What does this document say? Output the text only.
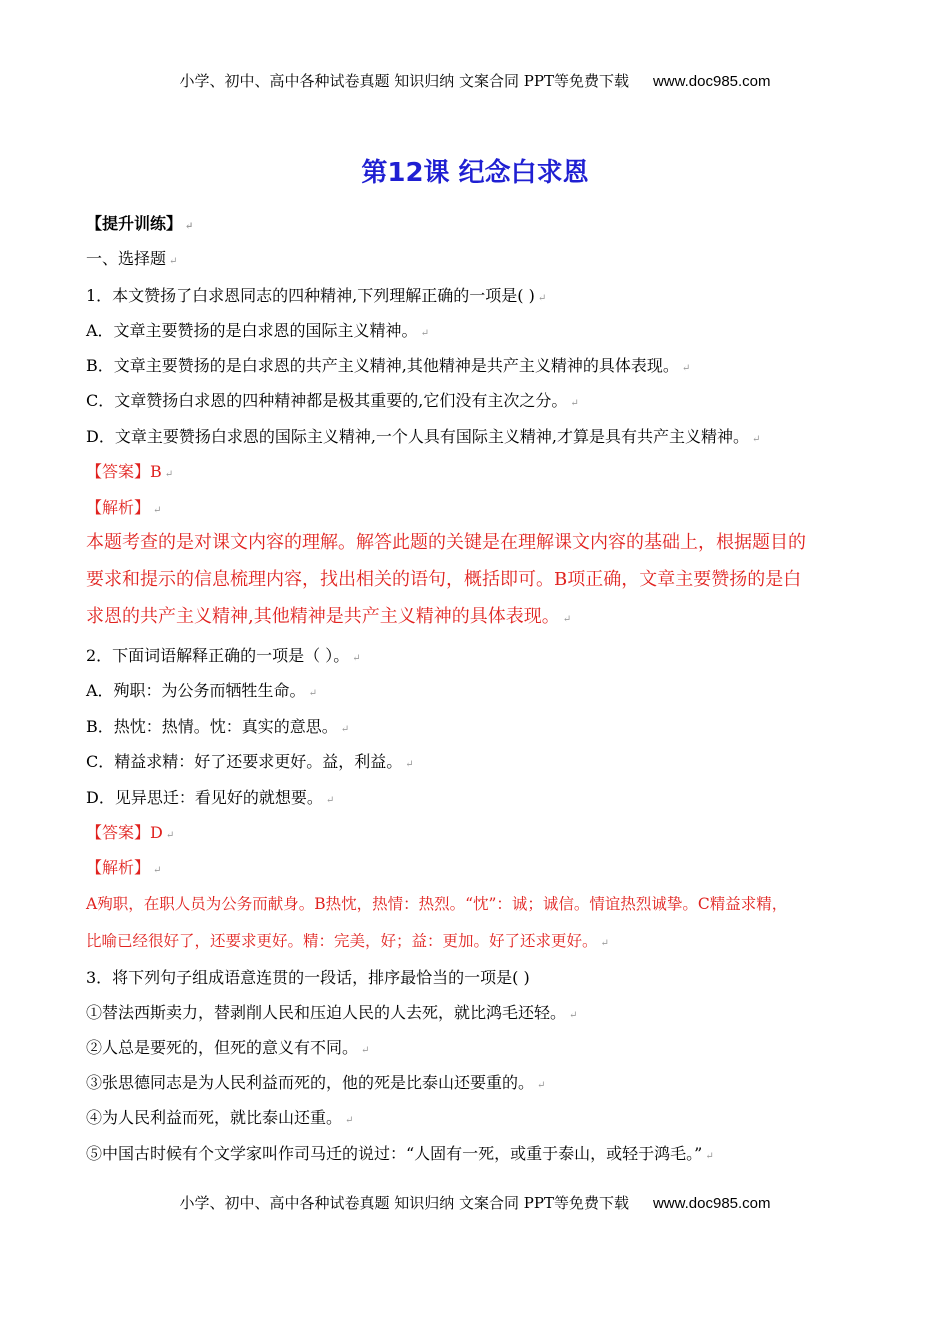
小学、初中、高中各种试卷真题 知识归纳 文案合同 PPT等免费下载 www.doc985.com
第12课 纪念白求恩
【提升训练】 ↵
一、选择题 ↵
1．本文赞扬了白求恩同志的四种精神,下列理解正确的一项是( ) ↵
A．文章主要赞扬的是白求恩的国际主义精神。 ↵
B．文章主要赞扬的是白求恩的共产主义精神,其他精神是共产主义精神的具体表现。 ↵
C．文章赞扬白求恩的四种精神都是极其重要的,它们没有主次之分。 ↵
D．文章主要赞扬白求恩的国际主义精神,一个人具有国际主义精神,才算是具有共产主义精神。 ↵
【答案】B ↵
【解析】 ↵
本题考查的是对课文内容的理解。解答此题的关键是在理解课文内容的基础上，根据题目的
要求和提示的信息梳理内容，找出相关的语句，概括即可。B项正确，文章主要赞扬的是白
求恩的共产主义精神,其他精神是共产主义精神的具体表现。 ↵
2．下面词语解释正确的一项是（ ）。 ↵
A．殉职：为公务而牺牲生命。 ↵
B．热忱：热情。忱：真实的意思。 ↵
C．精益求精：好了还要求更好。益，利益。 ↵
D．见异思迁：看见好的就想要。 ↵
【答案】D ↵
【解析】 ↵
A殉职，在职人员为公务而献身。B热忱，热情：热烈。“忱”：诚；诚信。情谊热烈诚挚。C精益求精，
比喻已经很好了，还要求更好。精：完美，好；益：更加。好了还求更好。 ↵
3．将下列句子组成语意连贯的一段话，排序最恰当的一项是( )
①替法西斯卖力，替剥削人民和压迫人民的人去死，就比鸿毛还轻。 ↵
②人总是要死的，但死的意义有不同。 ↵
③张思德同志是为人民利益而死的，他的死是比泰山还要重的。 ↵
④为人民利益而死，就比泰山还重。 ↵
⑤中国古时候有个文学家叫作司马迁的说过：“人固有一死，或重于泰山，或轻于鸿毛。” ↵
小学、初中、高中各种试卷真题 知识归纳 文案合同 PPT等免费下载 www.doc985.com
